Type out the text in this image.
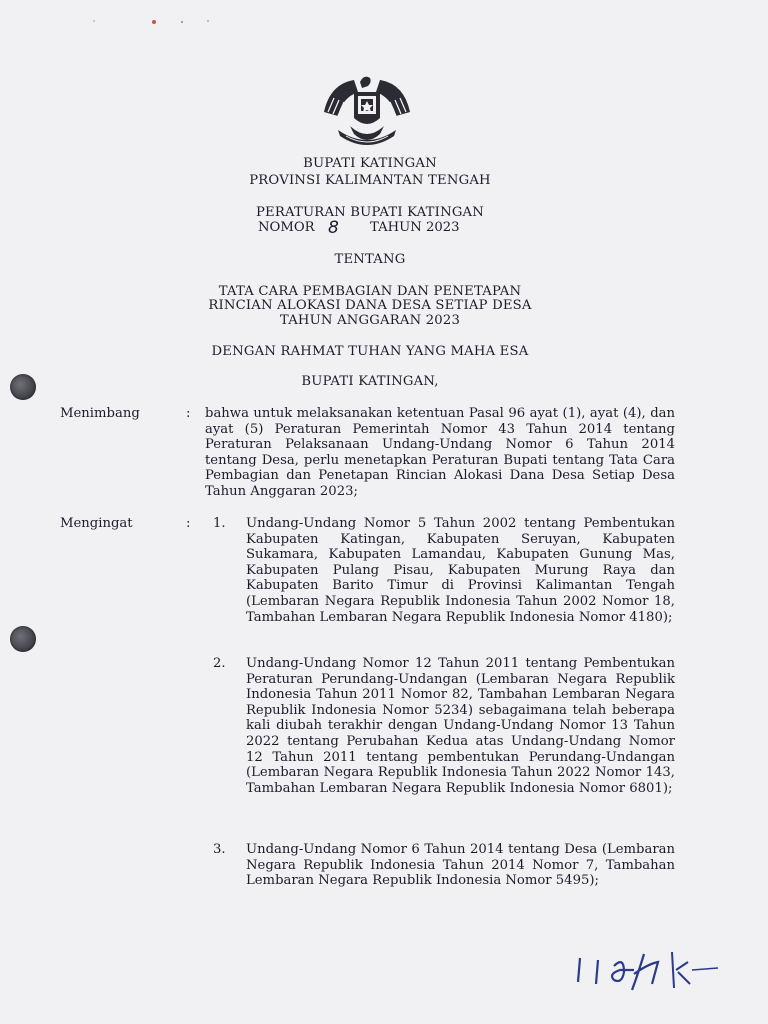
BUPATI KATINGAN
PROVINSI KALIMANTAN TENGAH
PERATURAN BUPATI KATINGAN
NOMOR 8 TAHUN 2023
TENTANG
TATA CARA PEMBAGIAN DAN PENETAPAN
RINCIAN ALOKASI DANA DESA SETIAP DESA
TAHUN ANGGARAN 2023
DENGAN RAHMAT TUHAN YANG MAHA ESA
BUPATI KATINGAN,
Menimbang	: bahwa untuk melaksanakan ketentuan Pasal 96 ayat (1), ayat (4), dan ayat (5) Peraturan Pemerintah Nomor 43 Tahun 2014 tentang Peraturan Pelaksanaan Undang-Undang Nomor 6 Tahun 2014 tentang Desa, perlu menetapkan Peraturan Bupati tentang Tata Cara Pembagian dan Penetapan Rincian Alokasi Dana Desa Setiap Desa Tahun Anggaran 2023;
Mengingat	: 1. Undang-Undang Nomor 5 Tahun 2002 tentang Pembentukan Kabupaten Katingan, Kabupaten Seruyan, Kabupaten Sukamara, Kabupaten Lamandau, Kabupaten Gunung Mas, Kabupaten Pulang Pisau, Kabupaten Murung Raya dan Kabupaten Barito Timur di Provinsi Kalimantan Tengah (Lembaran Negara Republik Indonesia Tahun 2002 Nomor 18, Tambahan Lembaran Negara Republik Indonesia Nomor 4180);
2. Undang-Undang Nomor 12 Tahun 2011 tentang Pembentukan Peraturan Perundang-Undangan (Lembaran Negara Republik Indonesia Tahun 2011 Nomor 82, Tambahan Lembaran Negara Republik Indonesia Nomor 5234) sebagaimana telah beberapa kali diubah terakhir dengan Undang-Undang Nomor 13 Tahun 2022 tentang Perubahan Kedua atas Undang-Undang Nomor 12 Tahun 2011 tentang pembentukan Perundang-Undangan (Lembaran Negara Republik Indonesia Tahun 2022 Nomor 143, Tambahan Lembaran Negara Republik Indonesia Nomor 6801);
3. Undang-Undang Nomor 6 Tahun 2014 tentang Desa (Lembaran Negara Republik Indonesia Tahun 2014 Nomor 7, Tambahan Lembaran Negara Republik Indonesia Nomor 5495);
